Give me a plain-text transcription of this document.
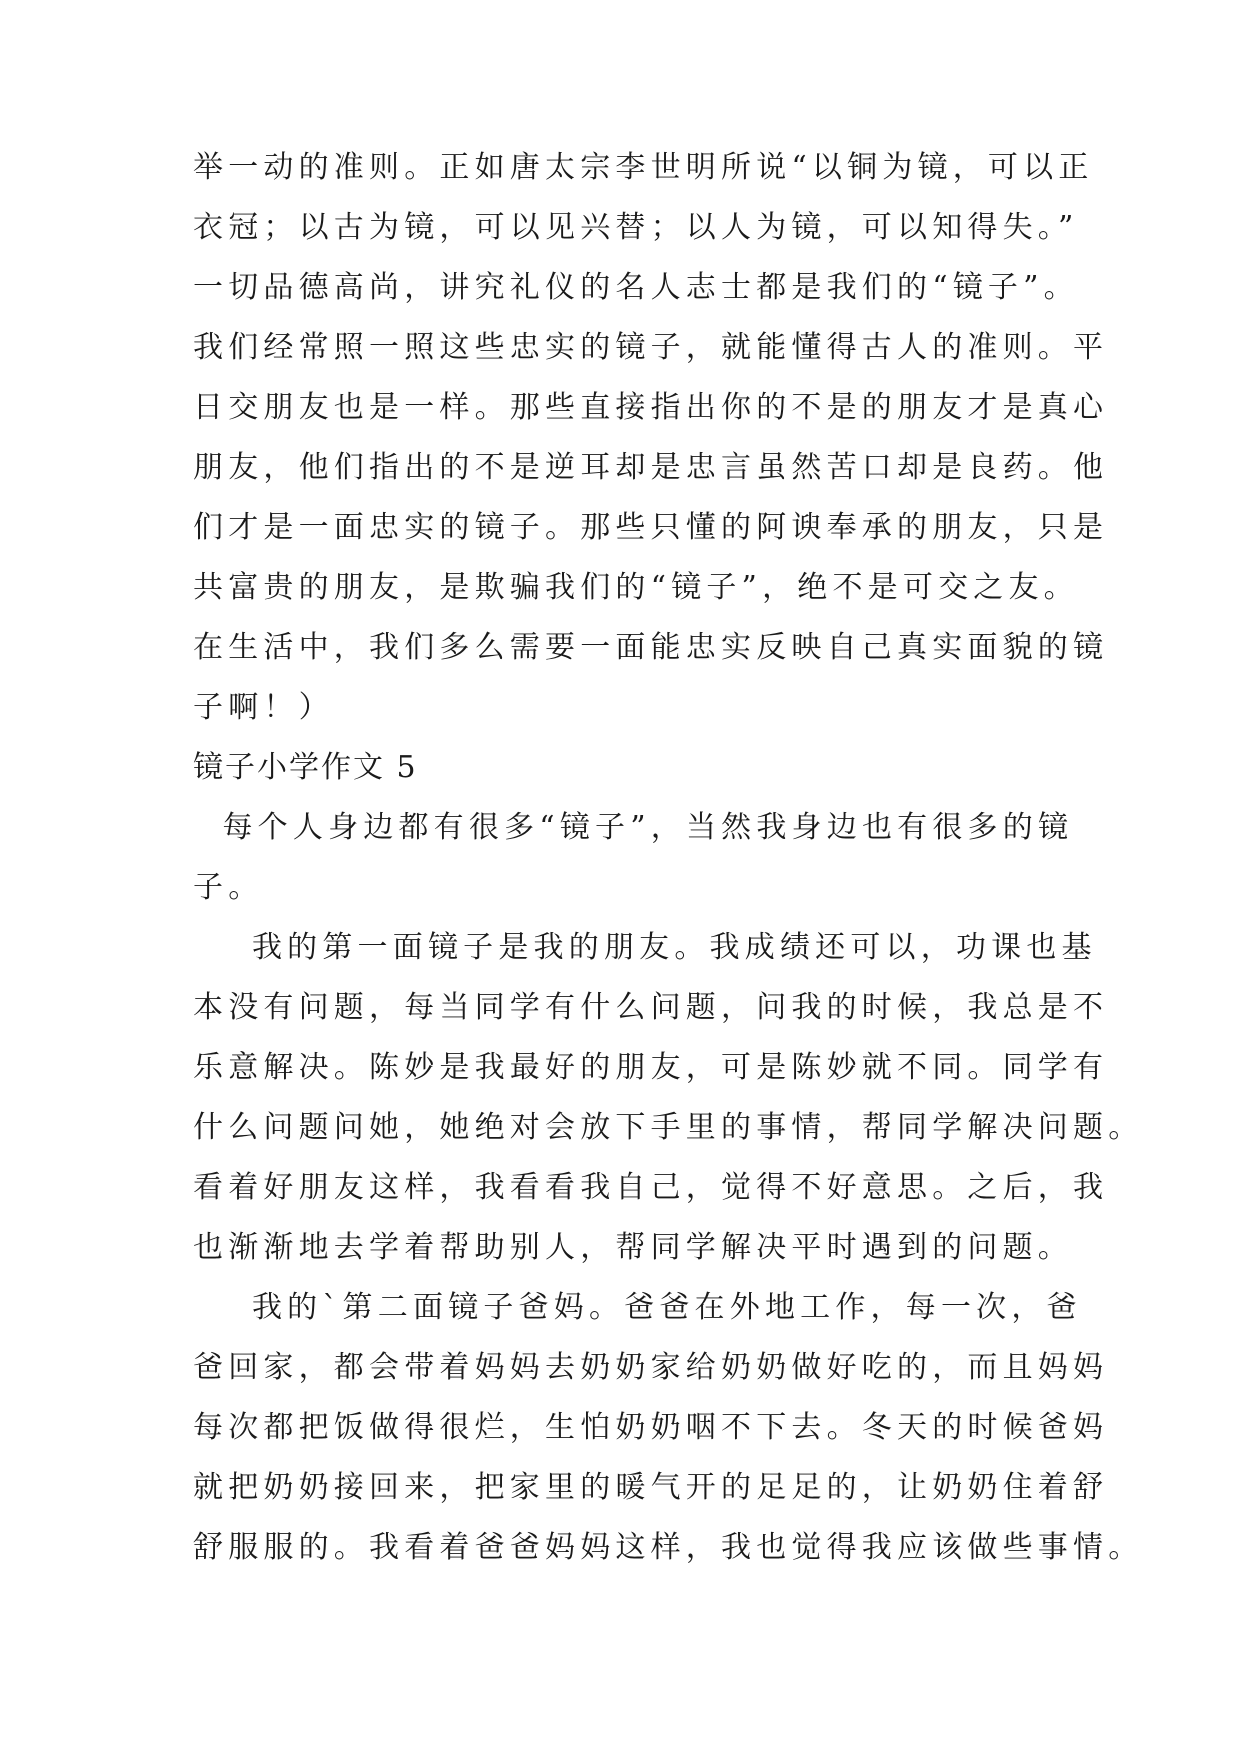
举一动的准则。正如唐太宗李世明所说“以铜为镜，可以正
衣冠；以古为镜，可以见兴替；以人为镜，可以知得失。”
一切品德高尚，讲究礼仪的名人志士都是我们的“镜子”。
我们经常照一照这些忠实的镜子，就能懂得古人的准则。平
日交朋友也是一样。那些直接指出你的不是的朋友才是真心
朋友，他们指出的不是逆耳却是忠言虽然苦口却是良药。他
们才是一面忠实的镜子。那些只懂的阿谀奉承的朋友，只是
共富贵的朋友，是欺骗我们的“镜子”，绝不是可交之友。
在生活中，我们多么需要一面能忠实反映自己真实面貌的镜
子啊！）
镜子小学作文 5
每个人身边都有很多“镜子”，当然我身边也有很多的镜
子。
我的第一面镜子是我的朋友。我成绩还可以，功课也基
本没有问题，每当同学有什么问题，问我的时候，我总是不
乐意解决。陈妙是我最好的朋友，可是陈妙就不同。同学有
什么问题问她，她绝对会放下手里的事情，帮同学解决问题。
看着好朋友这样，我看看我自己，觉得不好意思。之后，我
也渐渐地去学着帮助别人，帮同学解决平时遇到的问题。
我的`第二面镜子爸妈。爸爸在外地工作，每一次，爸
爸回家，都会带着妈妈去奶奶家给奶奶做好吃的，而且妈妈
每次都把饭做得很烂，生怕奶奶咽不下去。冬天的时候爸妈
就把奶奶接回来，把家里的暖气开的足足的，让奶奶住着舒
舒服服的。我看着爸爸妈妈这样，我也觉得我应该做些事情。
